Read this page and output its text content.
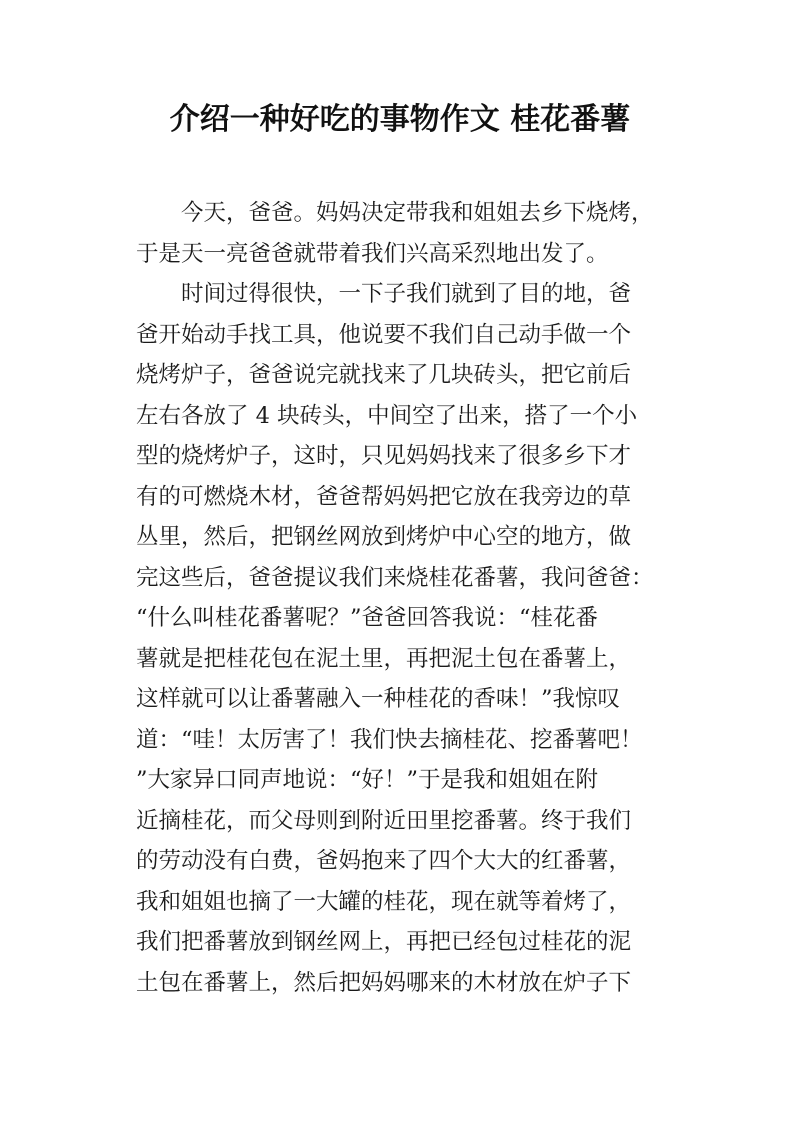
介绍一种好吃的事物作文 桂花番薯
　　今天，爸爸。妈妈决定带我和姐姐去乡下烧烤，
于是天一亮爸爸就带着我们兴高采烈地出发了。
　　时间过得很快，一下子我们就到了目的地，爸
爸开始动手找工具，他说要不我们自己动手做一个
烧烤炉子，爸爸说完就找来了几块砖头，把它前后
左右各放了 4 块砖头，中间空了出来，搭了一个小
型的烧烤炉子，这时，只见妈妈找来了很多乡下才
有的可燃烧木材，爸爸帮妈妈把它放在我旁边的草
丛里，然后，把钢丝网放到烤炉中心空的地方，做
完这些后，爸爸提议我们来烧桂花番薯，我问爸爸：
“什么叫桂花番薯呢？”爸爸回答我说：“桂花番
薯就是把桂花包在泥土里，再把泥土包在番薯上，
这样就可以让番薯融入一种桂花的香味！”我惊叹
道：“哇！太厉害了！我们快去摘桂花、挖番薯吧！
”大家异口同声地说：“好！”于是我和姐姐在附
近摘桂花，而父母则到附近田里挖番薯。终于我们
的劳动没有白费，爸妈抱来了四个大大的红番薯，
我和姐姐也摘了一大罐的桂花，现在就等着烤了，
我们把番薯放到钢丝网上，再把已经包过桂花的泥
土包在番薯上，然后把妈妈哪来的木材放在炉子下
